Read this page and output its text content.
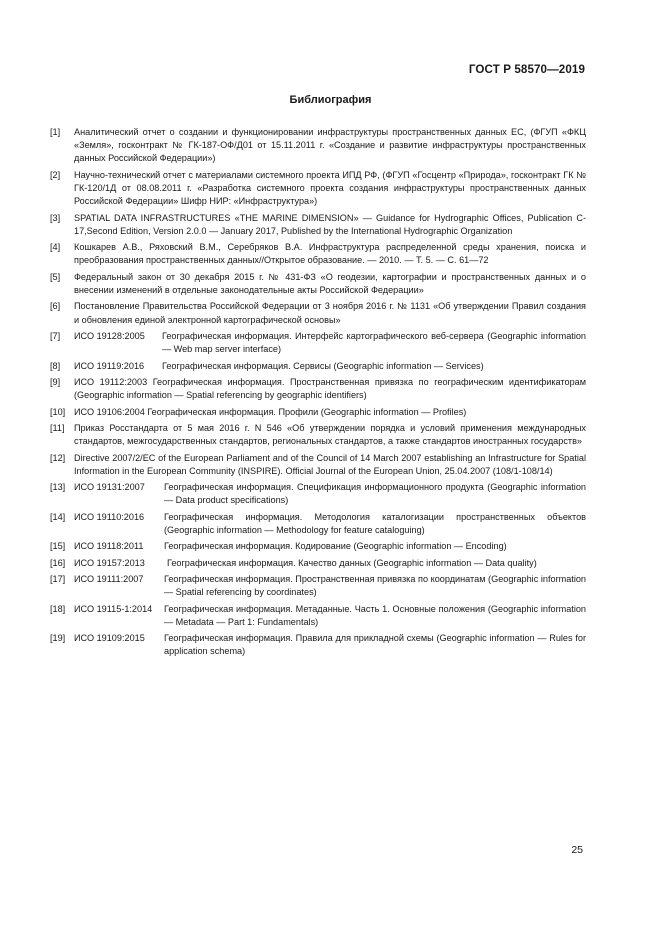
ГОСТ Р 58570—2019
Библиография
[1] Аналитический отчет о создании и функционировании инфраструктуры пространственных данных ЕС, (ФГУП «ФКЦ «Земля», госконтракт № ГК-187-ОФ/Д01 от 15.11.2011 г. «Создание и развитие инфраструктуры пространственных данных Российской Федерации»)
[2] Научно-технический отчет с материалами системного проекта ИПД РФ, (ФГУП «Госцентр «Природа», госконтракт ГК № ГК-120/1Д от 08.08.2011 г. «Разработка системного проекта создания инфраструктуры пространственных данных Российской Федерации» Шифр НИР: «Инфраструктура»)
[3] SPATIAL DATA INFRASTRUCTURES «THE MARINE DIMENSION» — Guidance for Hydrographic Offices, Publication C-17,Second Edition, Version 2.0.0 — January 2017, Published by the International Hydrographic Organization
[4] Кошкарев А.В., Ряховский В.М., Серебряков В.А. Инфраструктура распределенной среды хранения, поиска и преобразования пространственных данных//Открытое образование. — 2010. — Т. 5. — С. 61—72
[5] Федеральный закон от 30 декабря 2015 г. № 431-ФЗ «О геодезии, картографии и пространственных данных и о внесении изменений в отдельные законодательные акты Российской Федерации»
[6] Постановление Правительства Российской Федерации от 3 ноября 2016 г. № 1131 «Об утверждении Правил создания и обновления единой электронной картографической основы»
[7] ИСО 19128:2005	Географическая информация. Интерфейс картографического веб-сервера (Geographic information — Web map server interface)
[8] ИСО 19119:2016	Географическая информация. Сервисы (Geographic information — Services)
[9] ИСО 19112:2003 Географическая информация. Пространственная привязка по географическим идентификаторам (Geographic information — Spatial referencing by geographic identifiers)
[10] ИСО 19106:2004 Географическая информация. Профили (Geographic information — Profiles)
[11] Приказ Росстандарта от 5 мая 2016 г. N 546 «Об утверждении порядка и условий применения международных стандартов, межгосударственных стандартов, региональных стандартов, а также стандартов иностранных государств»
[12] Directive 2007/2/EC of the European Parliament and of the Council of 14 March 2007 establishing an Infrastructure for Spatial Information in the European Community (INSPIRE). Official Journal of the European Union, 25.04.2007 (108/1-108/14)
[13] ИСО 19131:2007	Географическая информация. Спецификация информационного продукта (Geographic information — Data product specifications)
[14] ИСО 19110:2016	Географическая информация. Методология каталогизации пространственных объектов (Geographic information — Methodology for feature cataloguing)
[15] ИСО 19118:2011	Географическая информация. Кодирование (Geographic information — Encoding)
[16] ИСО 19157:2013	Географическая информация. Качество данных (Geographic information — Data quality)
[17] ИСО 19111:2007	Географическая информация. Пространственная привязка по координатам (Geographic information — Spatial referencing by coordinates)
[18] ИСО 19115-1:2014	Географическая информация. Метаданные. Часть 1. Основные положения (Geographic information — Metadata — Part 1: Fundamentals)
[19] ИСО 19109:2015	Географическая информация. Правила для прикладной схемы (Geographic information — Rules for application schema)
25
